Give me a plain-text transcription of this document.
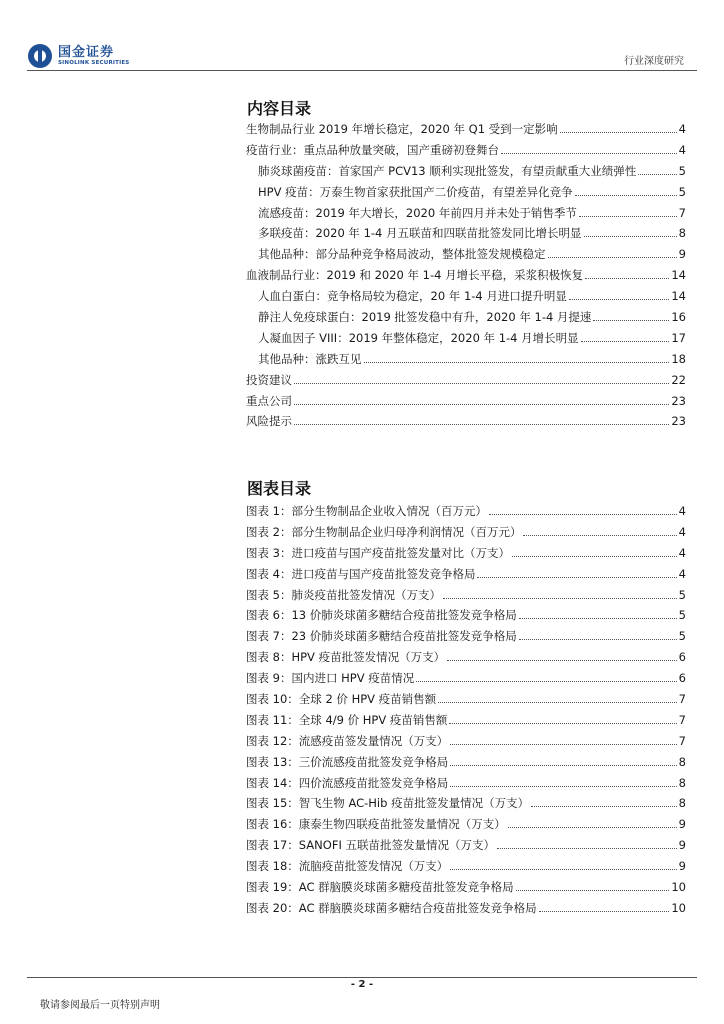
国金证券
SINOLINK SECURITIES	行业深度研究
内容目录
生物制品行业 2019 年增长稳定，2020 年 Q1 受到一定影响	4
疫苗行业：重点品种放量突破，国产重磅初登舞台	4
肺炎球菌疫苗：首家国产 PCV13 顺利实现批签发，有望贡献重大业绩弹性	5
HPV 疫苗：万泰生物首家获批国产二价疫苗，有望差异化竞争	5
流感疫苗：2019 年大增长，2020 年前四月并未处于销售季节	7
多联疫苗：2020 年 1-4 月五联苗和四联苗批签发同比增长明显	8
其他品种：部分品种竞争格局波动，整体批签发规模稳定	9
血液制品行业：2019 和 2020 年 1-4 月增长平稳，采浆积极恢复	14
人血白蛋白：竞争格局较为稳定，20 年 1-4 月进口提升明显	14
静注人免疫球蛋白：2019 批签发稳中有升，2020 年 1-4 月提速	16
人凝血因子 VIII：2019 年整体稳定，2020 年 1-4 月增长明显	17
其他品种：涨跌互见	18
投资建议	22
重点公司	23
风险提示	23
图表目录
图表 1：部分生物制品企业收入情况（百万元）	4
图表 2：部分生物制品企业归母净利润情况（百万元）	4
图表 3：进口疫苗与国产疫苗批签发量对比（万支）	4
图表 4：进口疫苗与国产疫苗批签发竞争格局	4
图表 5：肺炎疫苗批签发情况（万支）	5
图表 6：13 价肺炎球菌多糖结合疫苗批签发竞争格局	5
图表 7：23 价肺炎球菌多糖结合疫苗批签发竞争格局	5
图表 8：HPV 疫苗批签发情况（万支）	6
图表 9：国内进口 HPV 疫苗情况	6
图表 10：全球 2 价 HPV 疫苗销售额	7
图表 11：全球 4/9 价 HPV 疫苗销售额	7
图表 12：流感疫苗签发量情况（万支）	7
图表 13：三价流感疫苗批签发竞争格局	8
图表 14：四价流感疫苗批签发竞争格局	8
图表 15：智飞生物 AC-Hib 疫苗批签发量情况（万支）	8
图表 16：康泰生物四联疫苗批签发量情况（万支）	9
图表 17：SANOFI 五联苗批签发量情况（万支）	9
图表 18：流脑疫苗批签发情况（万支）	9
图表 19：AC 群脑膜炎球菌多糖疫苗批签发竞争格局	10
图表 20：AC 群脑膜炎球菌多糖结合疫苗批签发竞争格局	10
- 2 -
敬请参阅最后一页特别声明
